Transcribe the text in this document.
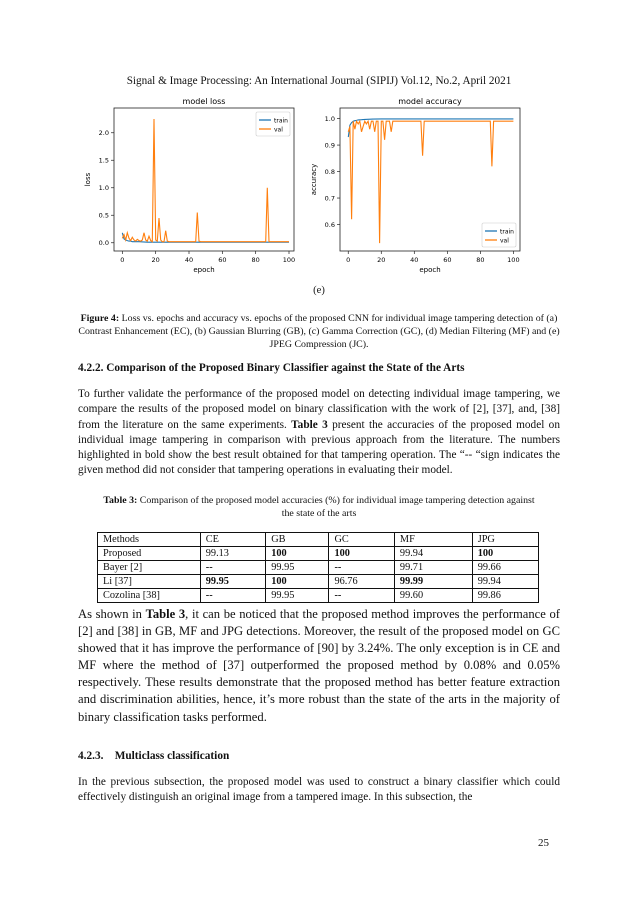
Signal & Image Processing: An International Journal (SIPIJ) Vol.12, No.2, April 2021
model loss
0	20	40	60	80	100
0.0
0.5
1.0
1.5
2.0
epoch
loss
train
val
model accuracy
0	20	40	60	80	100
0.6
0.7
0.8
0.9
1.0
epoch
accuracy
train
val
(e)
Figure 4: Loss vs. epochs and accuracy vs. epochs of the proposed CNN for individual image tampering detection of (a) Contrast Enhancement (EC), (b) Gaussian Blurring (GB), (c) Gamma Correction (GC), (d) Median Filtering (MF) and (e) JPEG Compression (JC).
4.2.2. Comparison of the Proposed Binary Classifier against the State of the Arts
To further validate the performance of the proposed model on detecting individual image tampering, we compare the results of the proposed model on binary classification with the work of [2], [37], and, [38] from the literature on the same experiments. Table 3 present the accuracies of the proposed model on individual image tampering in comparison with previous approach from the literature. The numbers highlighted in bold show the best result obtained for that tampering operation. The “-- “sign indicates the given method did not consider that tampering operations in evaluating their model.
Table 3: Comparison of the proposed model accuracies (%) for individual image tampering detection against the state of the arts
Methods	CE	GB	GC	MF	JPG
Proposed	99.13	100	100	99.94	100
Bayer [2]	--	99.95	--	99.71	99.66
Li [37]	99.95	100	96.76	99.99	99.94
Cozolina [38]	--	99.95	--	99.60	99.86
As shown in Table 3, it can be noticed that the proposed method improves the performance of [2] and [38] in GB, MF and JPG detections. Moreover, the result of the proposed model on GC showed that it has improve the performance of [90] by 3.24%. The only exception is in CE and MF where the method of [37] outperformed the proposed method by 0.08% and 0.05% respectively. These results demonstrate that the proposed method has better feature extraction and discrimination abilities, hence, it’s more robust than the state of the arts in the majority of binary classification tasks performed.
4.2.3.    Multiclass classification
In the previous subsection, the proposed model was used to construct a binary classifier which could effectively distinguish an original image from a tampered image. In this subsection, the
25
